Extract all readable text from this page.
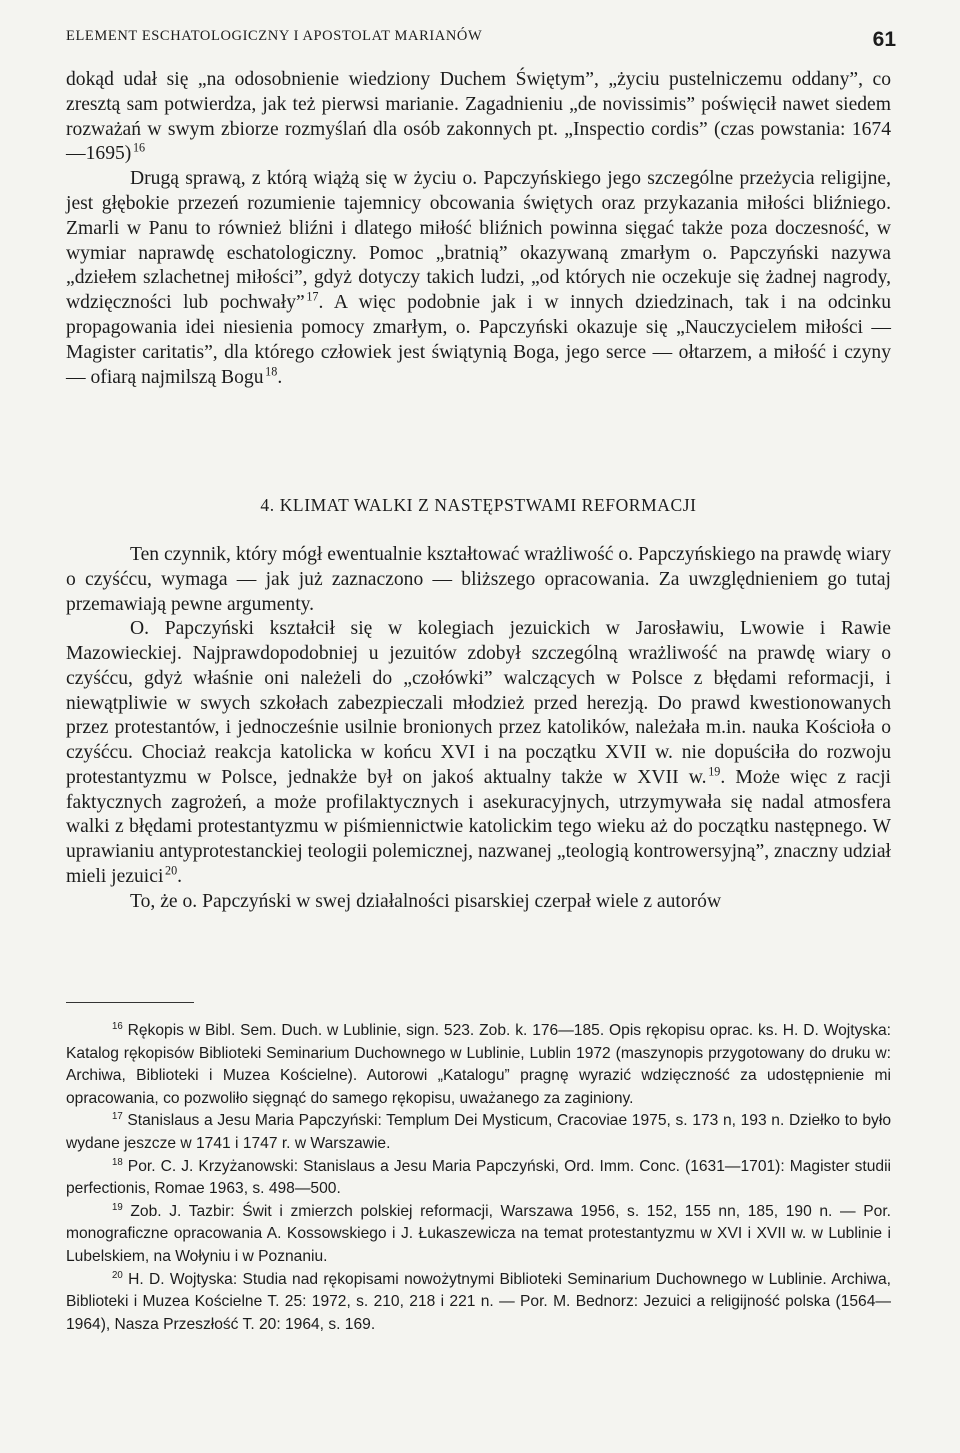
ELEMENT ESCHATOLOGICZNY I APOSTOLAT MARIANÓW	61

dokąd udał się „na odosobnienie wiedziony Duchem Świętym”, „życiu pustelniczemu oddany”, co zresztą sam potwierdza, jak też pierwsi marianie. Zagadnieniu „de novissimis” poświęcił nawet siedem rozważań w swym zbiorze rozmyślań dla osób zakonnych pt. „Inspectio cordis” (czas powstania: 1674—1695)  $^{16}$

Drugą sprawą, z którą wiążą się w życiu o. Papczyńskiego jego szczególne przeżycia religijne, jest głębokie przezeń rozumienie tajemnicy obcowania świętych oraz przykazania miłości bliźniego. Zmarli w Panu to również bliźni i dlatego miłość bliźnich powinna sięgać także poza doczesność, w wymiar naprawdę eschatologiczny. Pomoc „bratnią” okazywaną zmarłym o. Papczyński nazywa „dziełem szlachetnej miłości”, gdyż dotyczy takich ludzi, „od których nie oczekuje się żadnej nagrody, wdzięczności lub pochwały”  $^{17}$. A więc podobnie jak i w innych dziedzinach, tak i na odcinku propagowania idei niesienia pomocy zmarłym, o. Papczyński okazuje się „Nauczycielem miłości — Magister caritatis”, dla którego człowiek jest świątynią Boga, jego serce — ołtarzem, a miłość i czyny — ofiarą najmilszą Bogu  $^{18}$.

4. KLIMAT WALKI Z NASTĘPSTWAMI REFORMACJI

Ten czynnik, który mógł ewentualnie kształtować wrażliwość o. Papczyńskiego na prawdę wiary o czyśćcu, wymaga — jak już zaznaczono — bliższego opracowania. Za uwzględnieniem go tutaj przemawiają pewne argumenty.

O. Papczyński kształcił się w kolegiach jezuickich w Jarosławiu, Lwowie i Rawie Mazowieckiej. Najprawdopodobniej u jezuitów zdobył szczególną wrażliwość na prawdę wiary o czyśćcu, gdyż właśnie oni należeli do „czołówki” walczących w Polsce z błędami reformacji, i niewątpliwie w swych szkołach zabezpieczali młodzież przed herezją. Do prawd kwestionowanych przez protestantów, i jednocześnie usilnie bronionych przez katolików, należała m.in. nauka Kościoła o czyśćcu. Chociaż reakcja katolicka w końcu XVI i na początku XVII w. nie dopuściła do rozwoju protestantyzmu w Polsce, jednakże był on jakoś aktualny także w XVII w.  $^{19}$. Może więc z racji faktycznych zagrożeń, a może profilaktycznych i asekuracyjnych, utrzymywała się nadal atmosfera walki z błędami protestantyzmu w piśmiennictwie katolickim tego wieku aż do początku następnego. W uprawianiu antyprotestanckiej teologii polemicznej, nazwanej „teologią kontrowersyjną”, znaczny udział mieli jezuici  $^{20}$.

To, że o. Papczyński w swej działalności pisarskiej czerpał wiele z autorów

$^{16}$ Rękopis w Bibl. Sem. Duch. w Lublinie, sign. 523. Zob. k. 176—185. Opis rękopisu oprac. ks. H. D. Wojtyska: Katalog rękopisów Biblioteki Seminarium Duchownego w Lublinie, Lublin 1972 (maszynopis przygotowany do druku w: Archiwa, Biblioteki i Muzea Kościelne). Autorowi „Katalogu” pragnę wyrazić wdzięczność za udostępnienie mi opracowania, co pozwoliło sięgnąć do samego rękopisu, uważanego za zaginiony.

$^{17}$ Stanislaus a Jesu Maria Papczyński: Templum Dei Mysticum, Cracoviae 1975, s. 173 n, 193 n. Dziełko to było wydane jeszcze w 1741 i 1747 r. w Warszawie.

$^{18}$ Por. C. J. Krzyżanowski: Stanislaus a Jesu Maria Papczyński, Ord. Imm. Conc. (1631—1701): Magister studii perfectionis, Romae 1963, s. 498—500.

$^{19}$ Zob. J. Tazbir: Świt i zmierzch polskiej reformacji, Warszawa 1956, s. 152, 155 nn, 185, 190 n. — Por. monograficzne opracowania A. Kossowskiego i J. Łukaszewicza na temat protestantyzmu w XVI i XVII w. w Lublinie i Lubelskiem, na Wołyniu i w Poznaniu.

$^{20}$ H. D. Wojtyska: Studia nad rękopisami nowożytnymi Biblioteki Seminarium Duchownego w Lublinie. Archiwa, Biblioteki i Muzea Kościelne T. 25: 1972, s. 210, 218 i 221 n. — Por. M. Bednorz: Jezuici a religijność polska (1564—1964), Nasza Przeszłość T. 20: 1964, s. 169.
